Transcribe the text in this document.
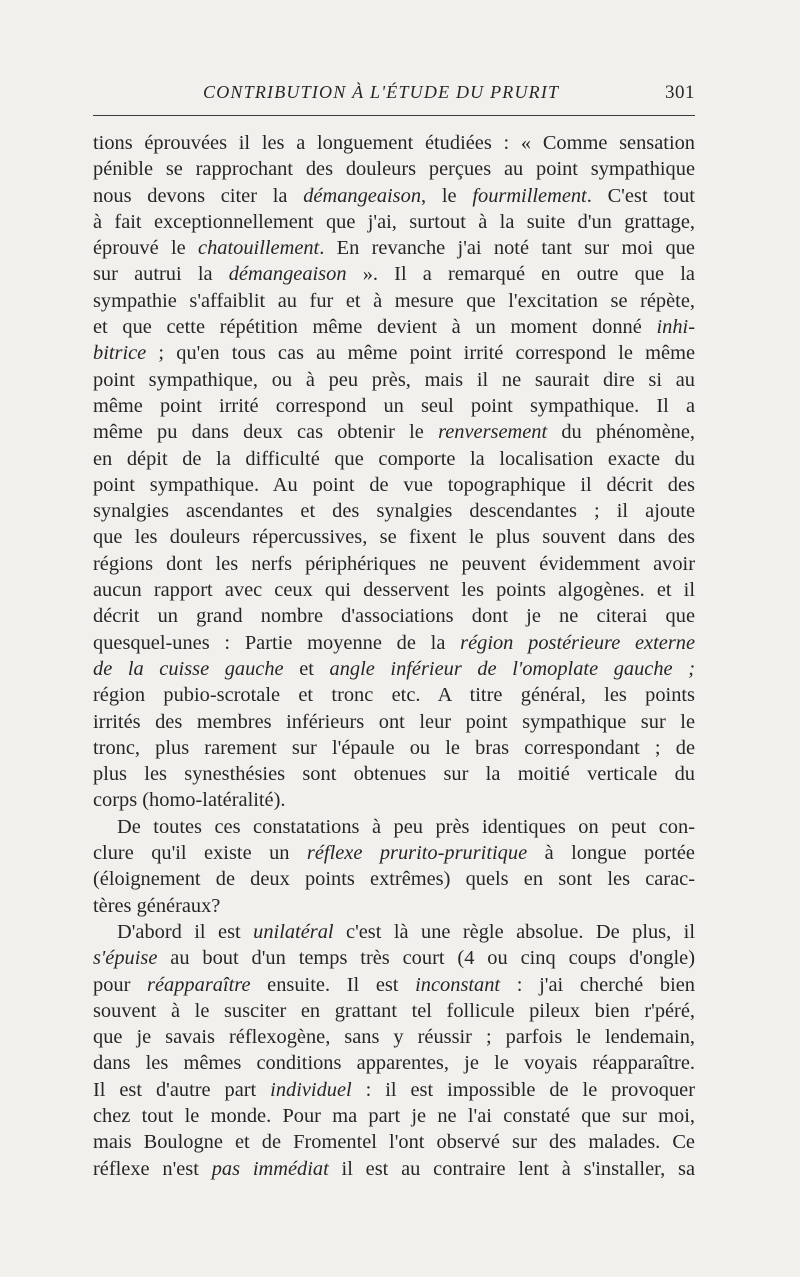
CONTRIBUTION À L'ÉTUDE DU PRURIT	301
tions éprouvées il les a longuement étudiées : « Comme sensation
pénible se rapprochant des douleurs perçues au point sympathique
nous devons citer la démangeaison, le fourmillement. C'est tout
à fait exceptionnellement que j'ai, surtout à la suite d'un grattage,
éprouvé le chatouillement. En revanche j'ai noté tant sur moi que
sur autrui la démangeaison ». Il a remarqué en outre que la
sympathie s'affaiblit au fur et à mesure que l'excitation se répète,
et que cette répétition même devient à un moment donné inhi-
bitrice ; qu'en tous cas au même point irrité correspond le même
point sympathique, ou à peu près, mais il ne saurait dire si au
même point irrité correspond un seul point sympathique. Il a
même pu dans deux cas obtenir le renversement du phénomène,
en dépit de la difficulté que comporte la localisation exacte du
point sympathique. Au point de vue topographique il décrit des
synalgies ascendantes et des synalgies descendantes ; il ajoute
que les douleurs répercussives, se fixent le plus souvent dans des
régions dont les nerfs périphériques ne peuvent évidemment avoir
aucun rapport avec ceux qui desservent les points algogènes. et il
décrit un grand nombre d'associations dont je ne citerai que
quesquel-unes : Partie moyenne de la région postérieure externe
de la cuisse gauche et angle inférieur de l'omoplate gauche ;
région pubio-scrotale et tronc etc. A titre général, les points
irrités des membres inférieurs ont leur point sympathique sur le
tronc, plus rarement sur l'épaule ou le bras correspondant ; de
plus les synesthésies sont obtenues sur la moitié verticale du
corps (homo-latéralité).
De toutes ces constatations à peu près identiques on peut con-
clure qu'il existe un réflexe prurito-pruritique à longue portée
(éloignement de deux points extrêmes) quels en sont les carac-
tères généraux?
D'abord il est unilatéral c'est là une règle absolue. De plus, il
s'épuise au bout d'un temps très court (4 ou cinq coups d'ongle)
pour réapparaître ensuite. Il est inconstant : j'ai cherché bien
souvent à le susciter en grattant tel follicule pileux bien r'péré,
que je savais réflexogène, sans y réussir ; parfois le lendemain,
dans les mêmes conditions apparentes, je le voyais réapparaître.
Il est d'autre part individuel : il est impossible de le provoquer
chez tout le monde. Pour ma part je ne l'ai constaté que sur moi,
mais Boulogne et de Fromentel l'ont observé sur des malades. Ce
réflexe n'est pas immédiat il est au contraire lent à s'installer, sa
